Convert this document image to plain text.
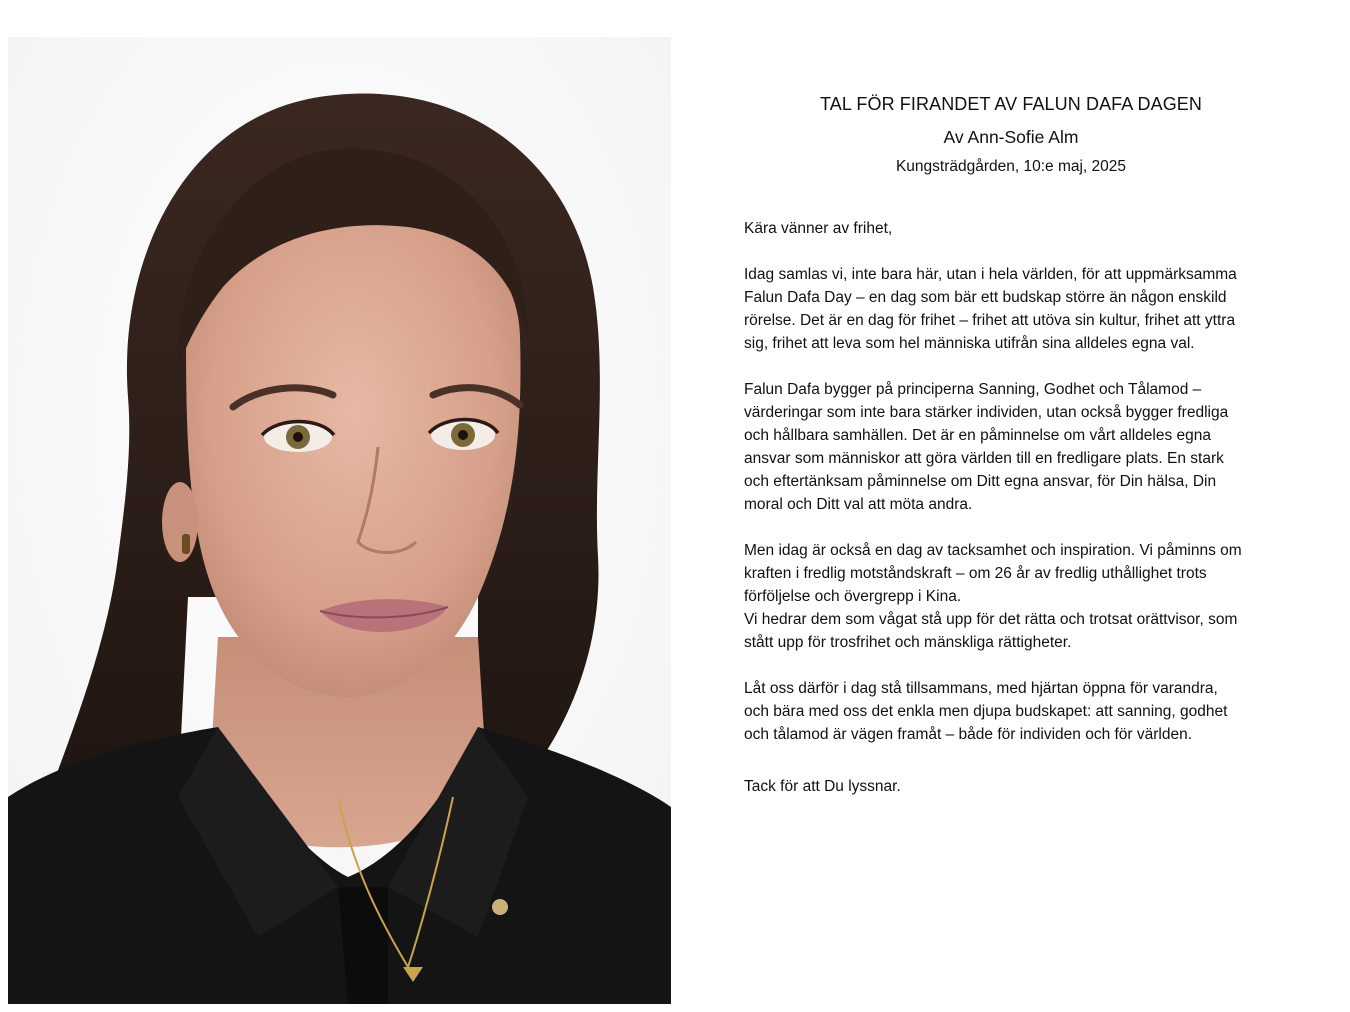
TAL FÖR FIRANDET AV FALUN DAFA DAGEN
Av Ann-Sofie Alm
Kungsträdgården, 10:e maj, 2025

Kära vänner av frihet,

Idag samlas vi, inte bara här, utan i hela världen, för att uppmärksamma
Falun Dafa Day – en dag som bär ett budskap större än någon enskild
rörelse. Det är en dag för frihet – frihet att utöva sin kultur, frihet att yttra
sig, frihet att leva som hel människa utifrån sina alldeles egna val.

Falun Dafa bygger på principerna Sanning, Godhet och Tålamod –
värderingar som inte bara stärker individen, utan också bygger fredliga
och hållbara samhällen. Det är en påminnelse om vårt alldeles egna
ansvar som människor att göra världen till en fredligare plats. En stark
och eftertänksam påminnelse om Ditt egna ansvar, för Din hälsa, Din
moral och Ditt val att möta andra.

Men idag är också en dag av tacksamhet och inspiration. Vi påminns om
kraften i fredlig motståndskraft – om 26 år av fredlig uthållighet trots
förföljelse och övergrepp i Kina.
Vi hedrar dem som vågat stå upp för det rätta och trotsat orättvisor, som
stått upp för trosfrihet och mänskliga rättigheter.

Låt oss därför i dag stå tillsammans, med hjärtan öppna för varandra,
och bära med oss det enkla men djupa budskapet: att sanning, godhet
och tålamod är vägen framåt – både för individen och för världen.

Tack för att Du lyssnar.
